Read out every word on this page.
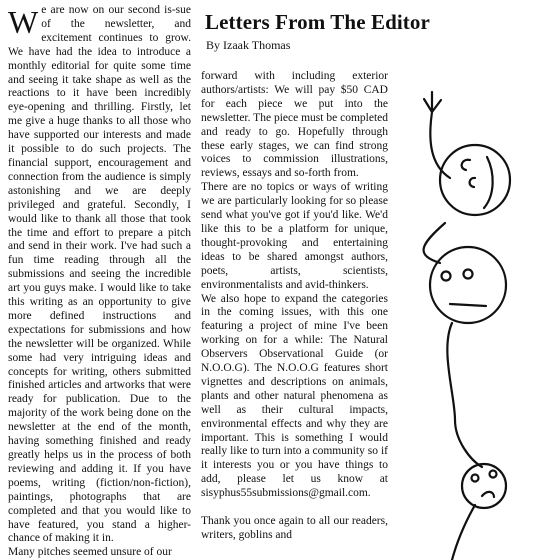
We are now on our second is-sue of the newsletter, and excitement continues to grow. We have had the idea to introduce a monthly editorial for quite some time and seeing it take shape as well as the reactions to it have been incredibly eye-opening and thrilling. Firstly, let me give a huge thanks to all those who have supported our interests and made it possible to do such projects. The financial support, encouragement and connection from the audience is simply astonishing and we are deeply privileged and grateful. Secondly, I would like to thank all those that took the time and effort to prepare a pitch and send in their work. I've had such a fun time reading through all the submissions and seeing the incredible art you guys make. I would like to take this writing as an opportunity to give more defined instructions and expectations for submissions and how the newsletter will be organized. While some had very intriguing ideas and concepts for writing, others submitted finished articles and artworks that were ready for publication. Due to the majority of the work being done on the newsletter at the end of the month, having something finished and ready greatly helps us in the process of both reviewing and adding it. If you have poems, writing (fiction/non-fiction), paintings, photographs that are completed and that you would like to have featured, you stand a higher-chance of making it in.

Many pitches seemed unsure of our

Letters From The Editor
By Izaak Thomas

forward with including exterior authors/artists: We will pay $50 CAD for each piece we put into the newsletter. The piece must be completed and ready to go. Hopefully through these early stages, we can find strong voices to commission illustrations, reviews, essays and so-forth from.

There are no topics or ways of writing we are particularly looking for so please send what you've got if you'd like. We'd like this to be a platform for unique, thought-provoking and entertaining ideas to be shared amongst authors, poets, artists, scientists, environmentalists and avid-thinkers.

We also hope to expand the categories in the coming issues, with this one featuring a project of mine I've been working on for a while: The Natural Observers Observational Guide (or N.O.O.G). The N.O.O.G features short vignettes and descriptions on animals, plants and other natural phenomena as well as their cultural impacts, environmental effects and why they are important. This is something I would really like to turn into a community so if it interests you or you have things to add, please let us know at sisyphus55submissions@gmail.com.

Thank you once again to all our readers, writers, goblins and
